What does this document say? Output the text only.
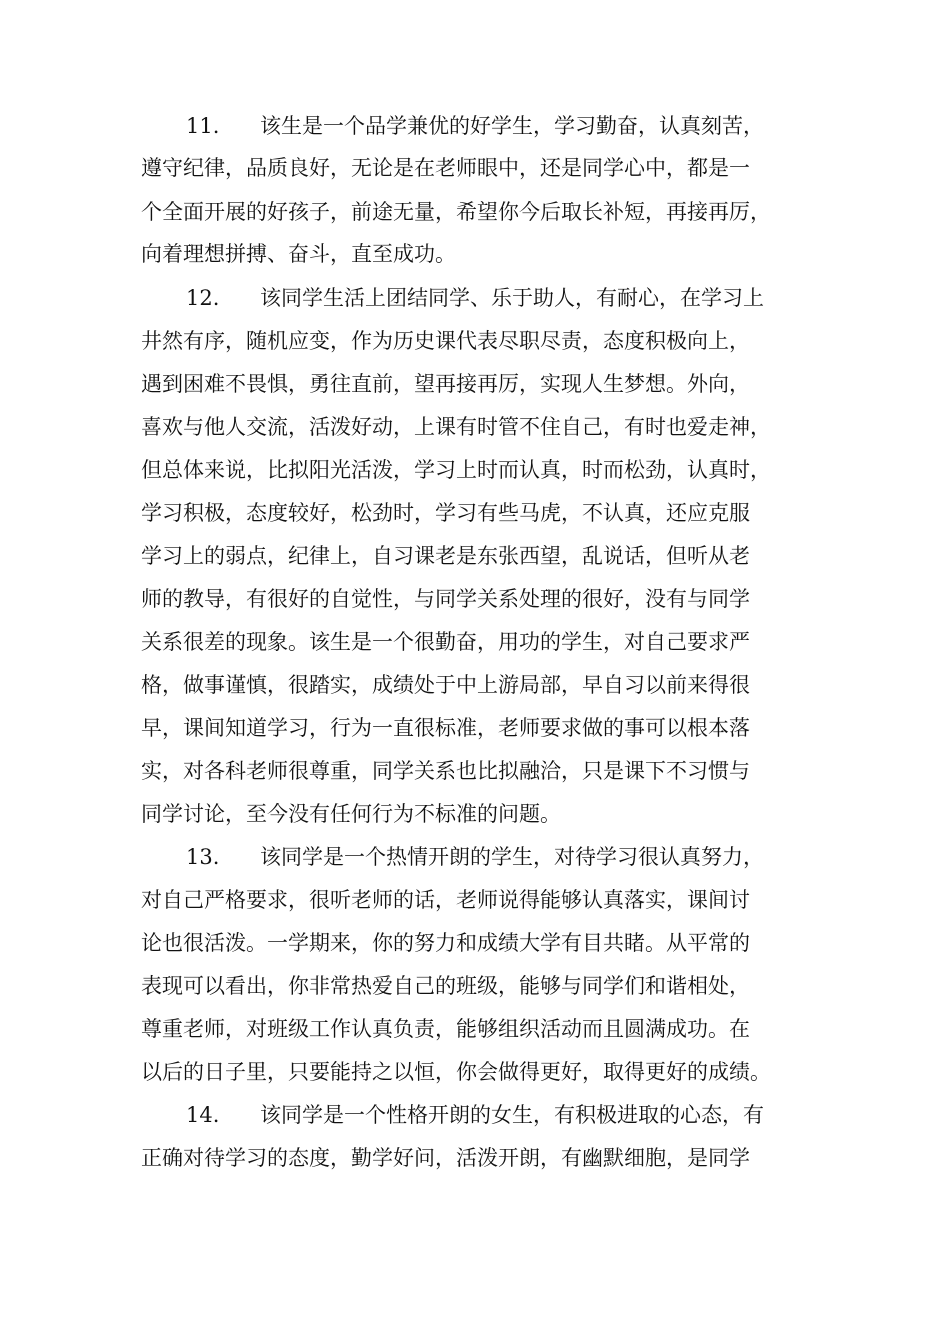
11. 该生是一个品学兼优的好学生，学习勤奋，认真刻苦，
遵守纪律，品质良好，无论是在老师眼中，还是同学心中，都是一
个全面开展的好孩子，前途无量，希望你今后取长补短，再接再厉，
向着理想拼搏、奋斗，直至成功。
12. 该同学生活上团结同学、乐于助人，有耐心，在学习上
井然有序，随机应变，作为历史课代表尽职尽责，态度积极向上，
遇到困难不畏惧，勇往直前，望再接再厉，实现人生梦想。外向，
喜欢与他人交流，活泼好动，上课有时管不住自己，有时也爱走神，
但总体来说，比拟阳光活泼，学习上时而认真，时而松劲，认真时，
学习积极，态度较好，松劲时，学习有些马虎，不认真，还应克服
学习上的弱点，纪律上，自习课老是东张西望，乱说话，但听从老
师的教导，有很好的自觉性，与同学关系处理的很好，没有与同学
关系很差的现象。该生是一个很勤奋，用功的学生，对自己要求严
格，做事谨慎，很踏实，成绩处于中上游局部，早自习以前来得很
早，课间知道学习，行为一直很标准，老师要求做的事可以根本落
实，对各科老师很尊重，同学关系也比拟融洽，只是课下不习惯与
同学讨论，至今没有任何行为不标准的问题。
13. 该同学是一个热情开朗的学生，对待学习很认真努力，
对自己严格要求，很听老师的话，老师说得能够认真落实，课间讨
论也很活泼。一学期来，你的努力和成绩大学有目共睹。从平常的
表现可以看出，你非常热爱自己的班级，能够与同学们和谐相处，
尊重老师，对班级工作认真负责，能够组织活动而且圆满成功。在
以后的日子里，只要能持之以恒，你会做得更好，取得更好的成绩。
14. 该同学是一个性格开朗的女生，有积极进取的心态，有
正确对待学习的态度，勤学好问，活泼开朗，有幽默细胞，是同学
